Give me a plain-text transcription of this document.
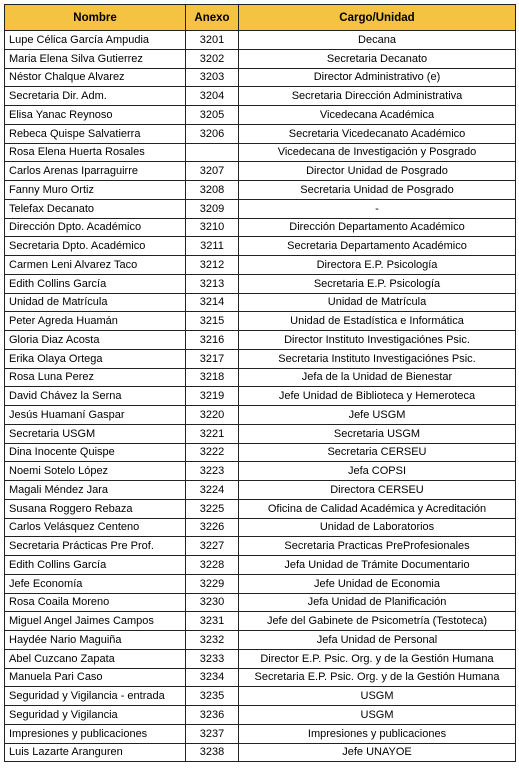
Nombre	Anexo	Cargo/Unidad
Lupe Célica García Ampudia	3201	Decana
Maria Elena Silva Gutierrez	3202	Secretaria Decanato
Néstor Chalque Alvarez	3203	Director Administrativo (e)
Secretaria Dir. Adm.	3204	Secretaria Dirección Administrativa
Elisa Yanac Reynoso	3205	Vicedecana Académica
Rebeca Quispe Salvatierra	3206	Secretaria Vicedecanato Académico
Rosa Elena Huerta Rosales		Vicedecana de Investigación y Posgrado
Carlos Arenas Iparraguirre	3207	Director Unidad de Posgrado
Fanny Muro Ortiz	3208	Secretaria Unidad de Posgrado
Telefax Decanato	3209	-
Dirección Dpto. Académico	3210	Dirección Departamento Académico
Secretaria Dpto. Académico	3211	Secretaria Departamento Académico
Carmen Leni Alvarez Taco	3212	Directora E.P. Psicología
Edith Collins García	3213	Secretaria E.P. Psicología
Unidad de Matrícula	3214	Unidad de Matrícula
Peter Agreda Huamán	3215	Unidad de Estadística e Informática
Gloria Diaz Acosta	3216	Director Instituto Investigaciónes Psic.
Erika Olaya Ortega	3217	Secretaria Instituto Investigaciónes Psic.
Rosa Luna Perez	3218	Jefa de la Unidad de Bienestar
David Chávez la Serna	3219	Jefe Unidad de Biblioteca y Hemeroteca
Jesús Huamaní Gaspar	3220	Jefe USGM
Secretaria USGM	3221	Secretaria USGM
Dina Inocente Quispe	3222	Secretaria CERSEU
Noemi Sotelo López	3223	Jefa COPSI
Magali Méndez Jara	3224	Directora CERSEU
Susana Roggero Rebaza	3225	Oficina de Calidad Académica y Acreditación
Carlos Velásquez Centeno	3226	Unidad de Laboratorios
Secretaria Prácticas Pre Prof.	3227	Secretaria Practicas PreProfesionales
Edith Collins García	3228	Jefa Unidad de Trámite Documentario
Jefe Economía	3229	Jefe Unidad de Economia
Rosa Coaila Moreno	3230	Jefa Unidad de Planificación
Miguel Angel Jaimes Campos	3231	Jefe del Gabinete de Psicometría (Testoteca)
Haydée Nario Maguiña	3232	Jefa Unidad de Personal
Abel Cuzcano Zapata	3233	Director E.P. Psic. Org. y de la Gestión Humana
Manuela Pari Caso	3234	Secretaria E.P. Psic. Org. y de la Gestión Humana
Seguridad y Vigilancia - entrada	3235	USGM
Seguridad y Vigilancia	3236	USGM
Impresiones y publicaciones	3237	Impresiones y publicaciones
Luis Lazarte Aranguren	3238	Jefe UNAYOE
